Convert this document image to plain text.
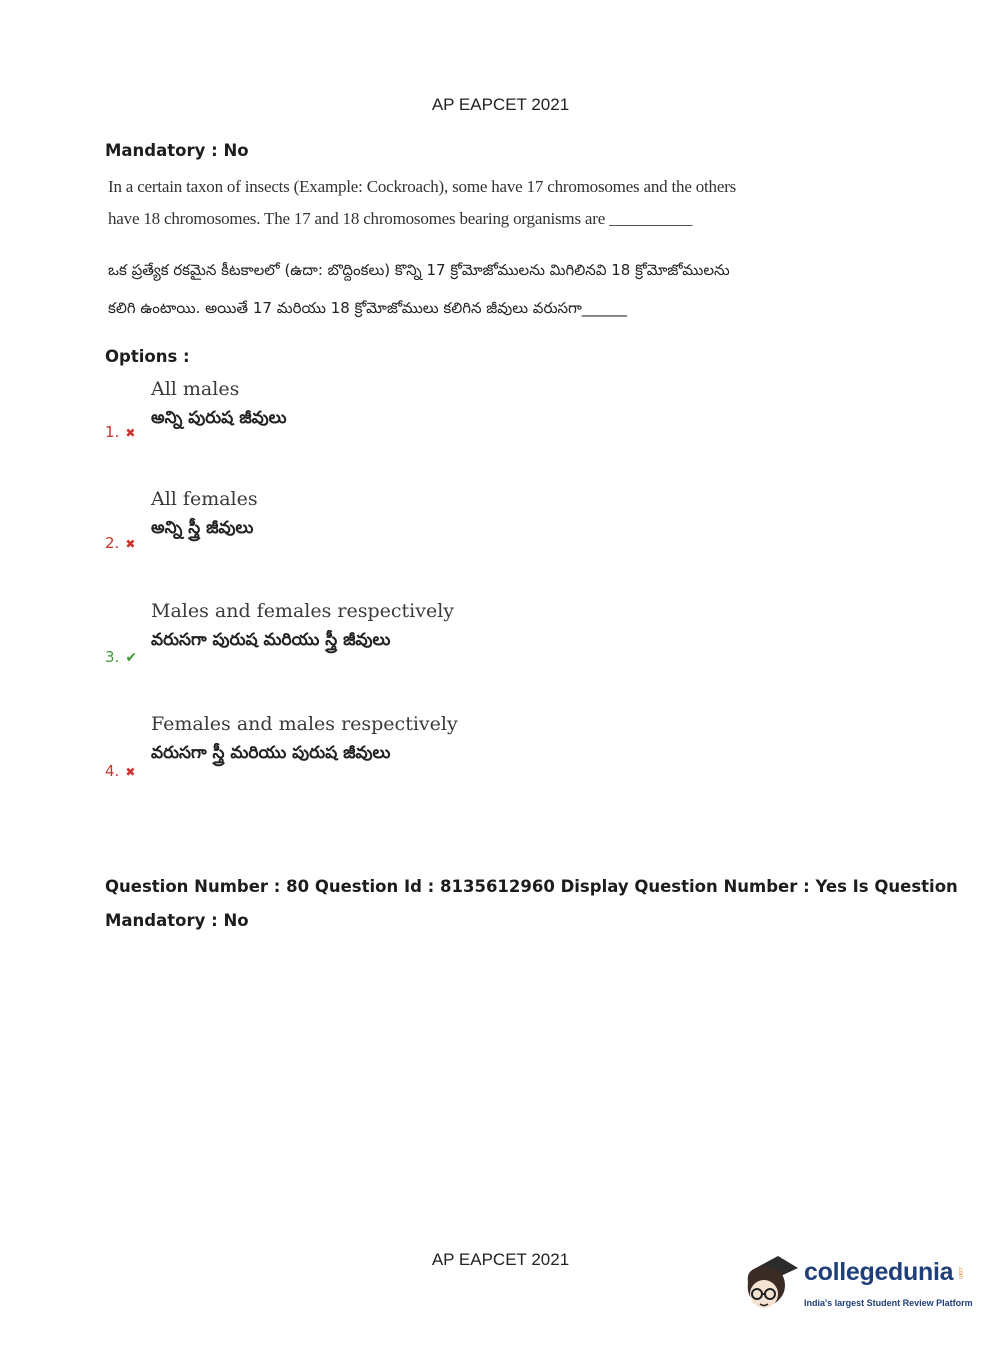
AP EAPCET 2021
Mandatory : No
In a certain taxon of insects (Example: Cockroach), some have 17 chromosomes and the others
have 18 chromosomes. The 17 and 18 chromosomes bearing organisms are __________
ఒక ప్రత్యేక రకమైన కీటకాలలో (ఉదా: బొద్దింకలు) కొన్ని 17 క్రోమోజోములను మిగిలినవి 18 క్రోమోజోములను
కలిగి ఉంటాయి. అయితే 17 మరియు 18 క్రోమోజోములు కలిగిన జీవులు వరుసగా______
Options :
All males
అన్ని పురుష జీవులు
1. ✖
All females
అన్ని స్త్రీ జీవులు
2. ✖
Males and females respectively
వరుసగా పురుష మరియు స్త్రీ జీవులు
3. ✔
Females and males respectively
వరుసగా స్త్రీ మరియు పురుష జీవులు
4. ✖
Question Number : 80 Question Id : 8135612960 Display Question Number : Yes Is Question
Mandatory : No
AP EAPCET 2021	collegedunia .com
India's largest Student Review Platform
